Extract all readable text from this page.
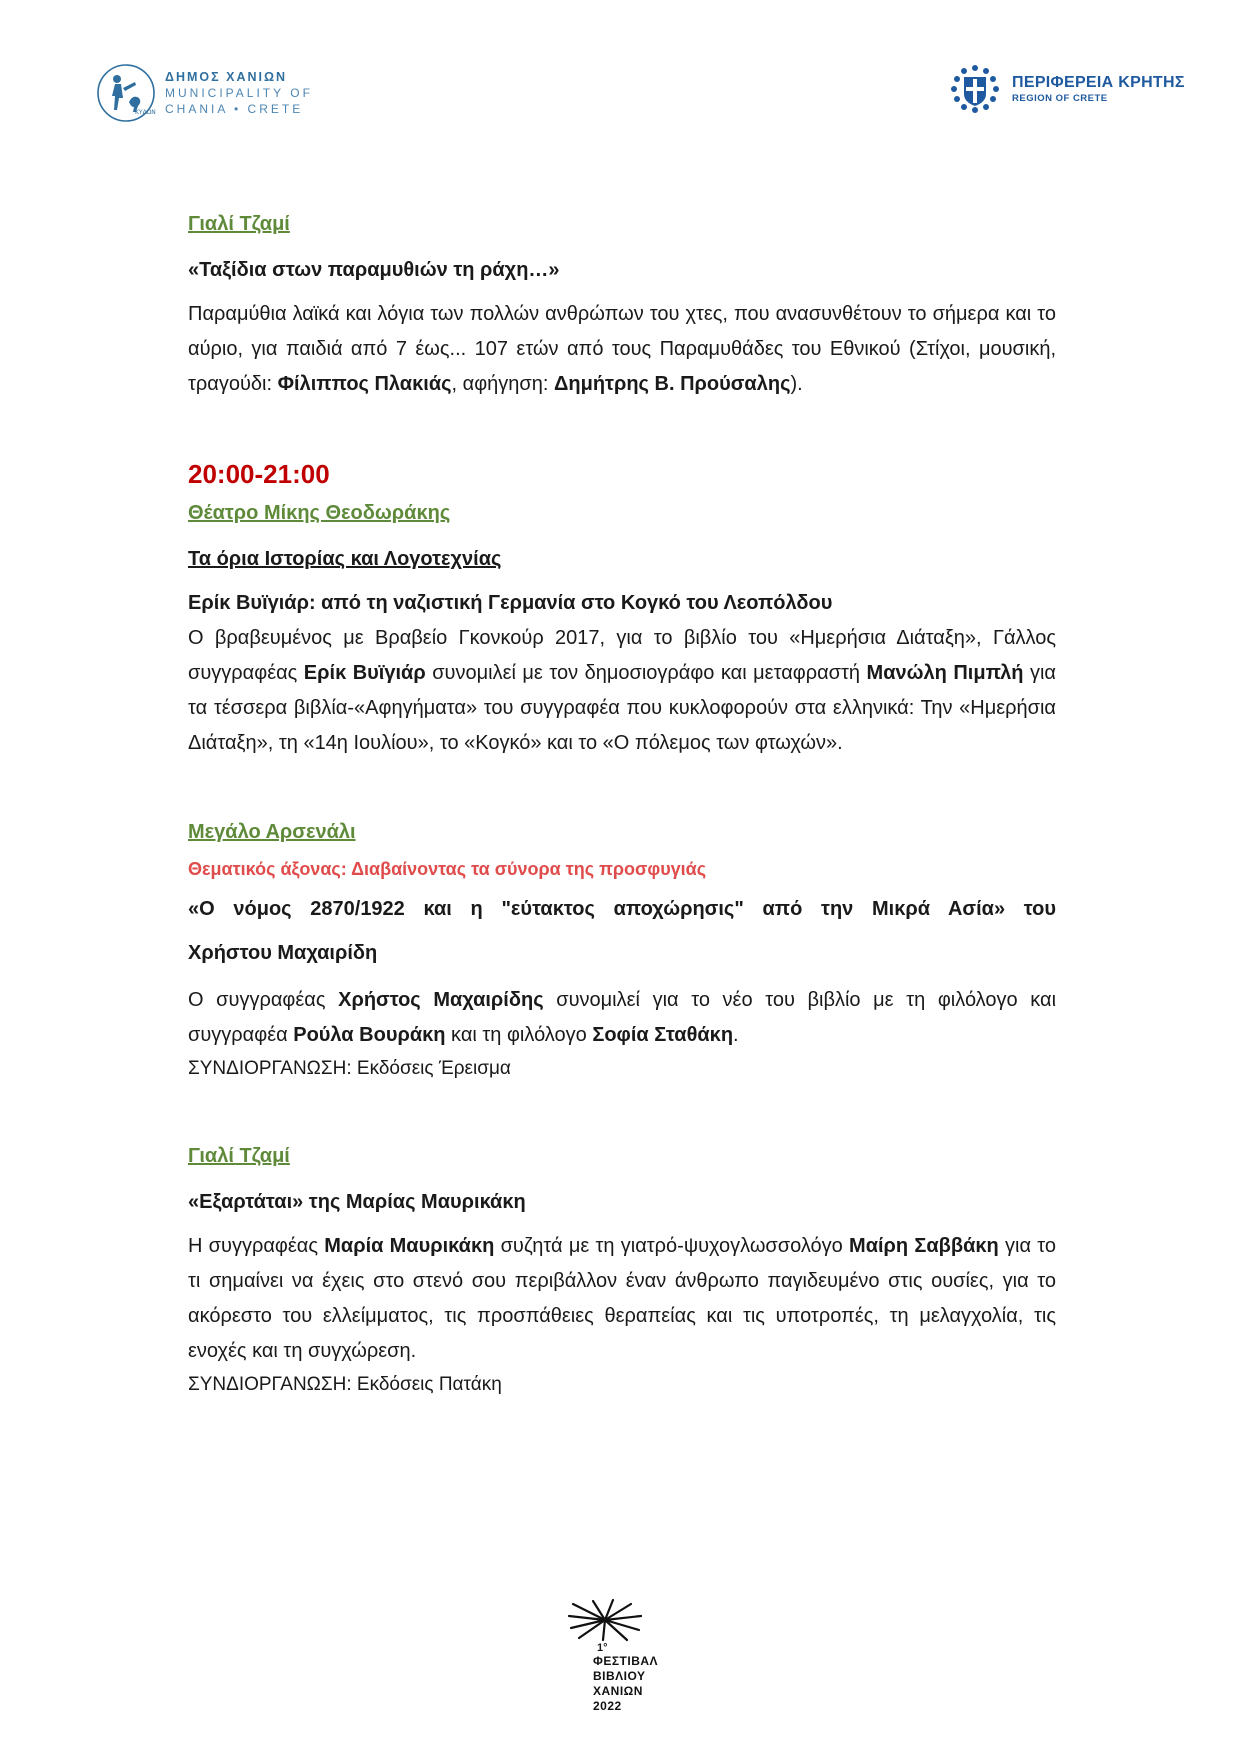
ΚΥΔΩΝ
ΔΗΜΟΣ ΧΑΝΙΩΝ
MUNICIPALITY OF
CHANIA • CRETE
ΠΕΡΙΦΕΡΕΙΑ ΚΡΗΤΗΣ
REGION OF CRETE

Γιαλί Τζαμί

«Ταξίδια στων παραμυθιών τη ράχη…»

Παραμύθια λαϊκά και λόγια των πολλών ανθρώπων του χτες, που ανασυνθέτουν το σήμερα και το αύριο, για παιδιά από 7 έως... 107 ετών από τους Παραμυθάδες του Εθνικού (Στίχοι, μουσική, τραγούδι: Φίλιππος Πλακιάς, αφήγηση: Δημήτρης Β. Προύσαλης).

20:00-21:00

Θέατρο Μίκης Θεοδωράκης

Τα όρια Ιστορίας και Λογοτεχνίας

Ερίκ Βυϊγιάρ: από τη ναζιστική Γερμανία στο Κογκό του Λεοπόλδου

Ο βραβευμένος με Βραβείο Γκονκούρ 2017, για το βιβλίο του «Ημερήσια Διάταξη», Γάλλος συγγραφέας Ερίκ Βυϊγιάρ συνομιλεί με τον δημοσιογράφο και μεταφραστή Μανώλη Πιμπλή για τα τέσσερα βιβλία-«Αφηγήματα» του συγγραφέα που κυκλοφορούν στα ελληνικά: Την «Ημερήσια Διάταξη», τη «14η Ιουλίου», το «Κογκό» και το «Ο πόλεμος των φτωχών».

Μεγάλο Αρσενάλι

Θεματικός άξονας: Διαβαίνοντας τα σύνορα της προσφυγιάς

«Ο νόμος 2870/1922 και η "εύτακτος αποχώρησις" από την Μικρά Ασία» του

Χρήστου Μαχαιρίδη

Ο συγγραφέας Χρήστος Μαχαιρίδης συνομιλεί για το νέο του βιβλίο με τη φιλόλογο και συγγραφέα Ρούλα Βουράκη και τη φιλόλογο Σοφία Σταθάκη.

ΣΥΝΔΙΟΡΓΑΝΩΣΗ: Εκδόσεις Έρεισμα

Γιαλί Τζαμί

«Εξαρτάται» της Μαρίας Μαυρικάκη

Η συγγραφέας Μαρία Μαυρικάκη συζητά με τη γιατρό-ψυχογλωσσολόγο Μαίρη Σαββάκη για το τι σημαίνει να έχεις στο στενό σου περιβάλλον έναν άνθρωπο παγιδευμένο στις ουσίες, για το ακόρεστο του ελλείμματος, τις προσπάθειες θεραπείας και τις υποτροπές, τη μελαγχολία, τις ενοχές και τη συγχώρεση.

ΣΥΝΔΙΟΡΓΑΝΩΣΗ: Εκδόσεις Πατάκη

1°
ΦΕΣΤΙΒΑΛ
ΒΙΒΛΙΟΥ
ΧΑΝΙΩΝ
2022
